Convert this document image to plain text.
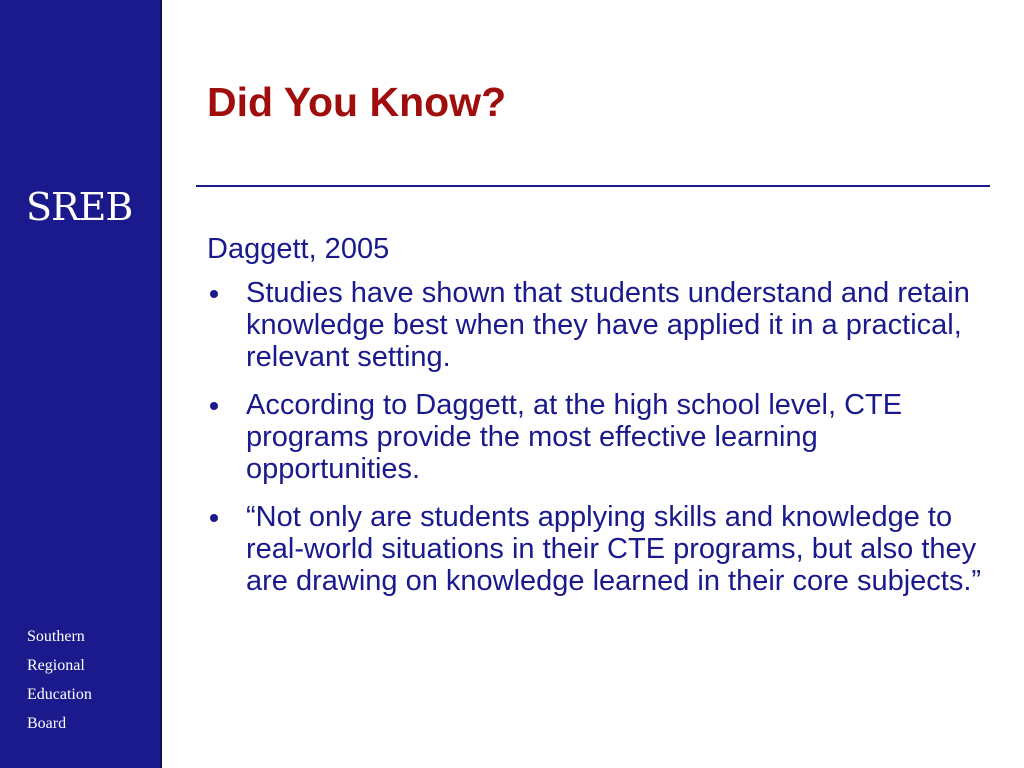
SREB
Southern
Regional
Education
Board
Did You Know?

Daggett, 2005

Studies have shown that students understand and retain knowledge best when they have applied it in a practical, relevant setting.
According to Daggett, at the high school level, CTE programs provide the most effective learning opportunities.
“Not only are students applying skills and knowledge to real-world situations in their CTE programs, but also they are drawing on knowledge learned in their core subjects.”
